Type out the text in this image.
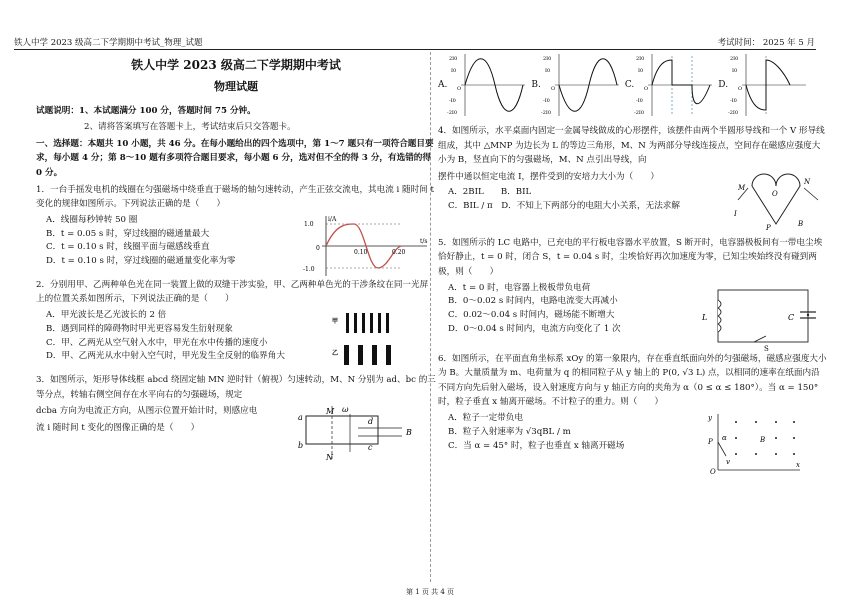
铁人中学 2023 级高二下学期期中考试_物理_试题	考试时间： 2025 年 5 月
铁人中学 2023 级高二下学期期中考试
物理试题
试题说明：1、本试题满分 100 分，答题时间 75 分钟。
2、请将答案填写在答题卡上，考试结束后只交答题卡。
一、选择题：本题共 10 小题，共 46 分。在每小题给出的四个选项中，第 1～7 题只有一项符合题目要求，每小题 4 分；第 8～10 题有多项符合题目要求，每小题 6 分，选对但不全的得 3 分，有选错的得 0 分。
1．一台手摇发电机的线圈在匀强磁场中绕垂直于磁场的轴匀速转动，产生正弦交流电，其电流 i 随时间 t 变化的规律如图所示。下列说法正确的是（　　）
A．线圈每秒钟转 50 圈
B．t = 0.05 s 时，穿过线圈的磁通量最大
C．t = 0.10 s 时，线圈平面与磁感线垂直
D．t = 0.10 s 时，穿过线圈的磁通量变化率为零
i/A
t/s
1.0
0
-1.0
0.10	0.20
2．分别用甲、乙两种单色光在同一装置上做的双缝干涉实验，甲、乙两种单色光的干涉条纹在同一光屏上的位置关系如图所示，下列说法正确的是（　　）
A．甲光波长是乙光波长的 2 倍
B．遇到同样的障碍物时甲光更容易发生衍射现象
C．甲、乙两光从空气射入水中，甲光在水中传播的速度小
D．甲、乙两光从水中射入空气时，甲光发生全反射的临界角大
甲
乙
3．如图所示，矩形导体线框 abcd 绕固定轴 MN 逆时针（俯视）匀速转动，M、N 分别为 ad、bc 的三等分点，转轴右侧空间存在水平向右的匀强磁场，规定
dcba 方向为电流正方向，从图示位置开始计时，则感应电
流 i 随时间 t 变化的图像正确的是（　　）
a
b	c
d
M
N
B
ω
A.
2I0
I0
O
-I0
-2I0
B.
2I0
I0
O
-I0
-2I0
C.
2I0
I0
O
-I0
-2I0
D.
2I0
I0
O
-I0
-2I0
4．如图所示，水平桌面内固定一金属导线做成的心形摆件，该摆件由两个半圆形导线和一个 V 形导线组成，其中 △MNP 为边长为 L 的等边三角形，M、N 为两部分导线连接点，空间存在磁感应强度大小为 B，竖直向下的匀强磁场，M、N 点引出导线，向
摆件中通以恒定电流 I，摆件受到的安培力大小为（　　）
A．2BIL　　 B．BIL
C．BIL / π　 D．不知上下两部分的电阻大小关系，无法求解
M
N
O
P
I
B
5．如图所示的 LC 电路中，已充电的平行板电容器水平放置，S 断开时，电容器极板间有一带电尘埃恰好静止，t = 0 时，闭合 S，t = 0.04 s 时，尘埃恰好再次加速度为零，已知尘埃始终没有碰到两极，则（　　）
A．t = 0 时，电容器上极板带负电荷
B．0～0.02 s 时间内，电路电流变大再减小
C．0.02～0.04 s 时间内，磁场能不断增大
D．0～0.04 s 时间内，电流方向变化了 1 次
L	C
S
6．如图所示，在平面直角坐标系 xOy 的第一象限内，存在垂直纸面向外的匀强磁场，磁感应强度大小为 B。大量质量为 m、电荷量为 q 的相同粒子从 y 轴上的 P(0, √3 L) 点，以相同的速率在纸面内沿不同方向先后射入磁场，设入射速度方向与 y 轴正方向的夹角为 α（0 ≤ α ≤ 180°）。当 α = 150° 时，粒子垂直 x 轴离开磁场。不计粒子的重力。则（　　）
A．粒子一定带负电
B．粒子入射速率为 √3qBL / m
C．当 α = 45° 时，粒子也垂直 x 轴离开磁场
y
P α
v
B
O
x
第 1 页 共 4 页
